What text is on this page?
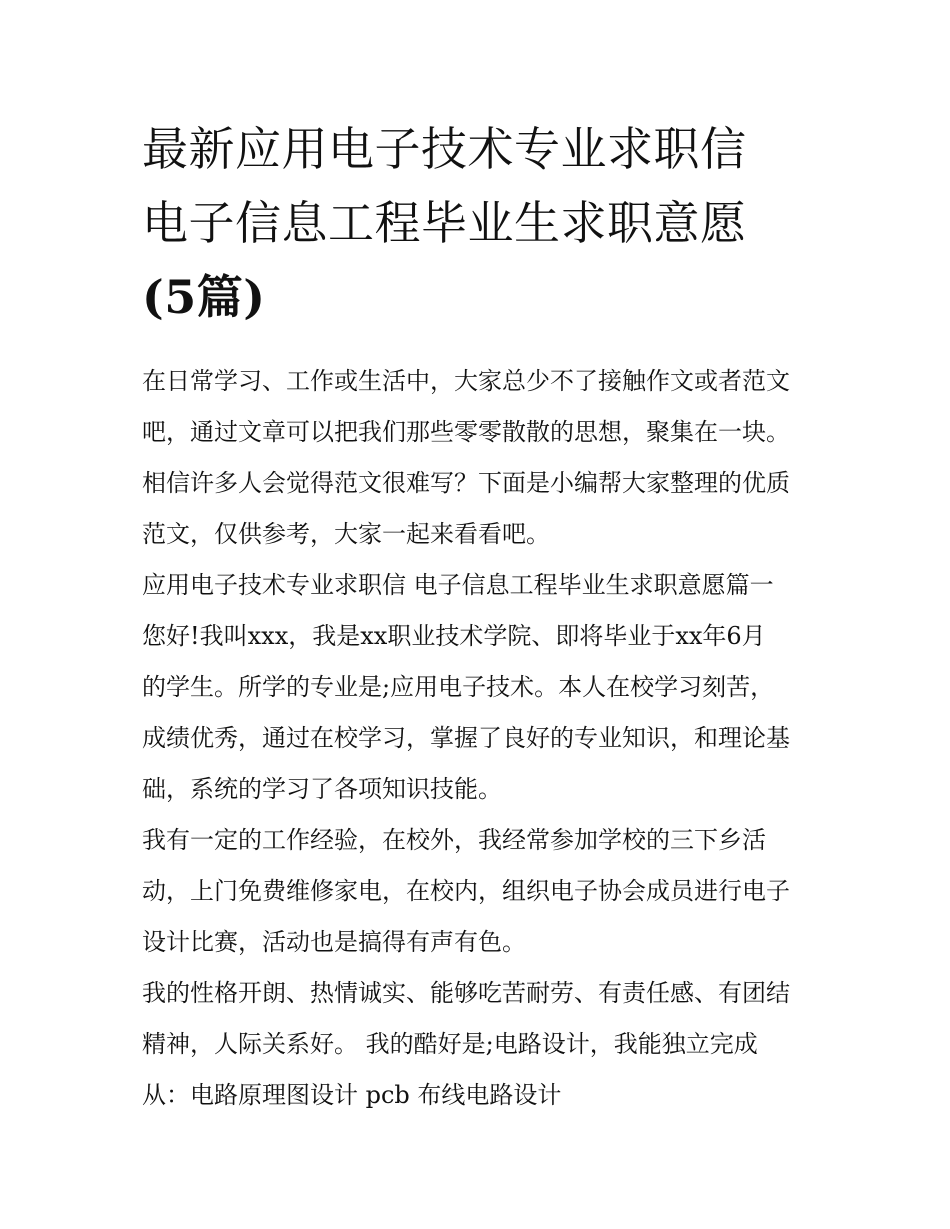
最新应用电子技术专业求职信
电子信息工程毕业生求职意愿
(5篇)
在日常学习、工作或生活中，大家总少不了接触作文或者范文
吧，通过文章可以把我们那些零零散散的思想，聚集在一块。
相信许多人会觉得范文很难写？下面是小编帮大家整理的优质
范文，仅供参考，大家一起来看看吧。
应用电子技术专业求职信 电子信息工程毕业生求职意愿篇一
您好!我叫xxx，我是xx职业技术学院、即将毕业于xx年6月
的学生。所学的专业是;应用电子技术。本人在校学习刻苦，
成绩优秀，通过在校学习，掌握了良好的专业知识，和理论基
础，系统的学习了各项知识技能。
我有一定的工作经验，在校外，我经常参加学校的三下乡活
动，上门免费维修家电，在校内，组织电子协会成员进行电子
设计比赛，活动也是搞得有声有色。
我的性格开朗、热情诚实、能够吃苦耐劳、有责任感、有团结
精神，人际关系好。 我的酷好是;电路设计，我能独立完成
从：电路原理图设计 pcb 布线电路设计
